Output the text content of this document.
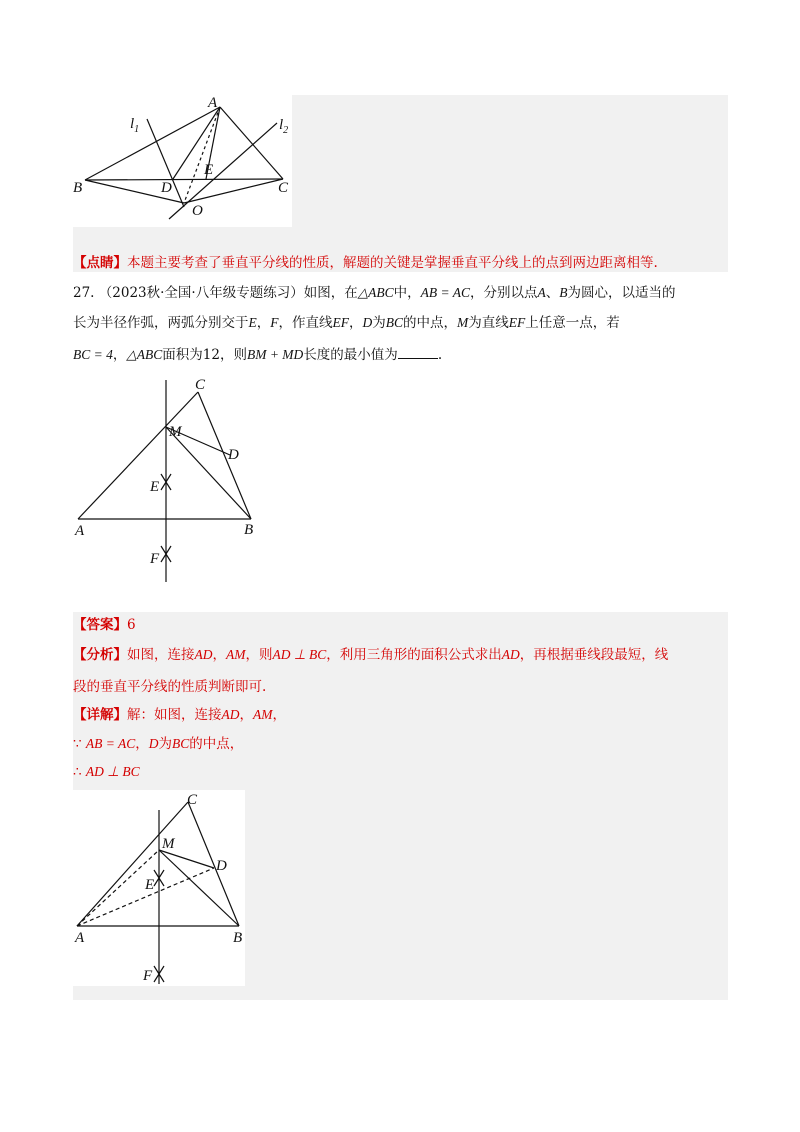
A
B	C
D
E
O
$l_1$	$l_2$
【点睛】本题主要考查了垂直平分线的性质，解题的关键是掌握垂直平分线上的点到两边距离相等.
27. （2023秋·全国·八年级专题练习）如图，在△ABC中，AB = AC，分别以点A、B为圆心，以适当的
长为半径作弧，两弧分别交于E，F，作直线EF，D为BC的中点，M为直线EF上任意一点，若
BC = 4，△ABC面积为12，则BM + MD长度的最小值为	.
C
M
D
E
A	B
F
【答案】6
【分析】如图，连接AD，AM，则AD ⊥ BC，利用三角形的面积公式求出AD，再根据垂线段最短，线
段的垂直平分线的性质判断即可.
【详解】解：如图，连接AD，AM，
∵ AB = AC，D为BC的中点，
∴ AD ⊥ BC
C
M
D
E
A	B
F
